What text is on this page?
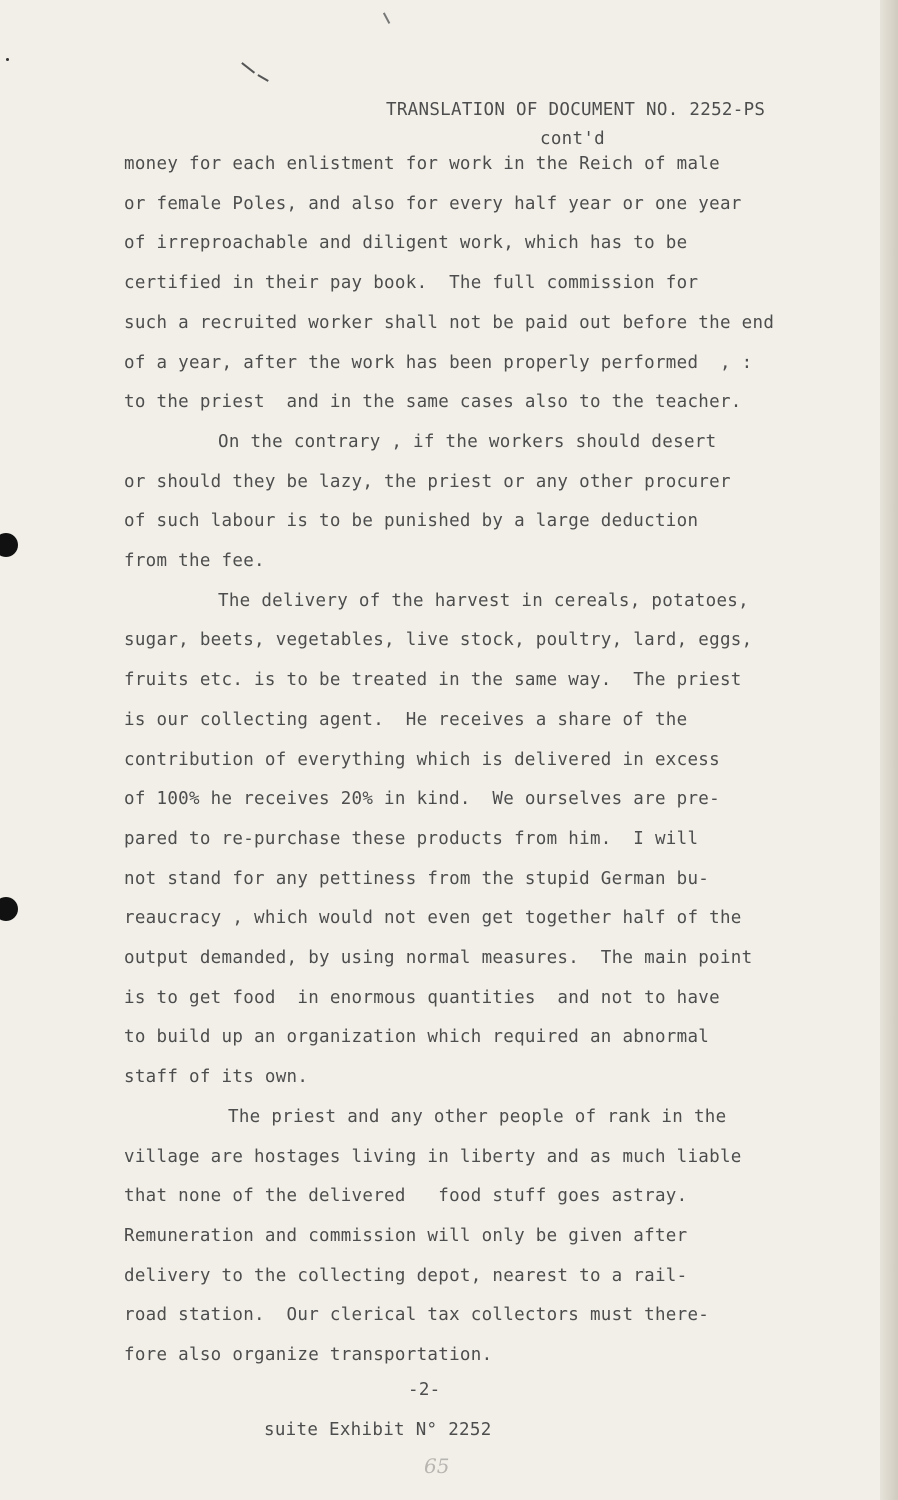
TRANSLATION OF DOCUMENT NO. 2252-PS
cont'd
money for each enlistment for work in the Reich of male
or female Poles, and also for every half year or one year
of irreproachable and diligent work, which has to be
certified in their pay book.  The full commission for
such a recruited worker shall not be paid out before the end
of a year, after the work has been properly performed  , :
to the priest  and in the same cases also to the teacher.
On the contrary , if the workers should desert
or should they be lazy, the priest or any other procurer
of such labour is to be punished by a large deduction
from the fee.
The delivery of the harvest in cereals, potatoes,
sugar, beets, vegetables, live stock, poultry, lard, eggs,
fruits etc. is to be treated in the same way.  The priest
is our collecting agent.  He receives a share of the
contribution of everything which is delivered in excess
of 100% he receives 20% in kind.  We ourselves are pre-
pared to re-purchase these products from him.  I will
not stand for any pettiness from the stupid German bu-
reaucracy , which would not even get together half of the
output demanded, by using normal measures.  The main point
is to get food  in enormous quantities  and not to have
to build up an organization which required an abnormal
staff of its own.
The priest and any other people of rank in the
village are hostages living in liberty and as much liable
that none of the delivered   food stuff goes astray.
Remuneration and commission will only be given after
delivery to the collecting depot, nearest to a rail-
road station.  Our clerical tax collectors must there-
fore also organize transportation.
-2-
suite Exhibit N° 2252
65
